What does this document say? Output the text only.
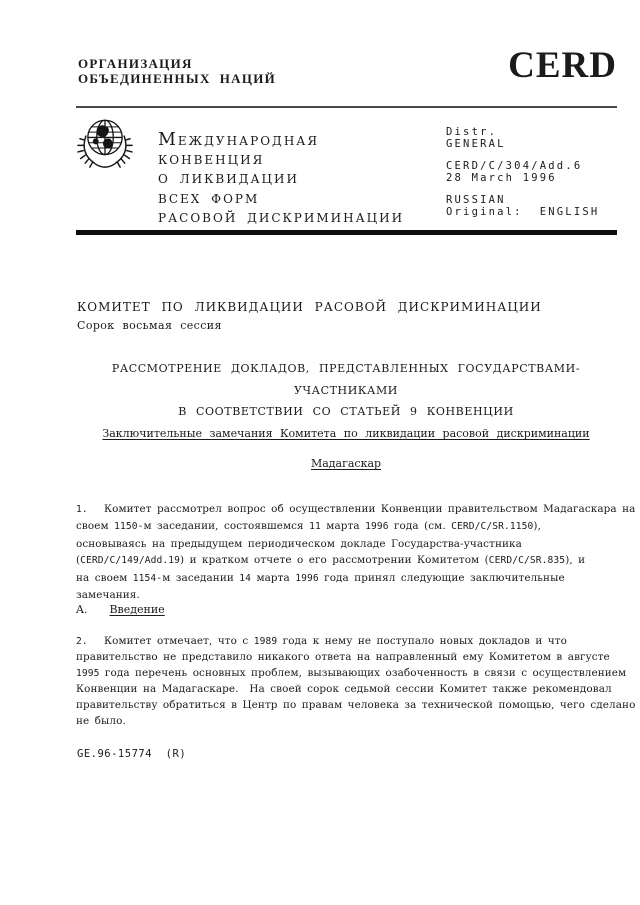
ОРГАНИЗАЦИЯ
ОБЪЕДИНЕННЫХ  НАЦИЙ	CERD
МЕЖДУНАРОДНАЯ
КОНВЕНЦИЯ
О ЛИКВИДАЦИИ
ВСЕХ ФОРМ
РАСОВОЙ ДИСКРИМИНАЦИИ
Distr.
GENERAL
CERD/C/304/Add.6
28 March 1996
RUSSIAN
Original:  ENGLISH
КОМИТЕТ ПО ЛИКВИДАЦИИ РАСОВОЙ ДИСКРИМИНАЦИИ
Сорок восьмая сессия
РАССМОТРЕНИЕ ДОКЛАДОВ, ПРЕДСТАВЛЕННЫХ ГОСУДАРСТВАМИ-УЧАСТНИКАМИ
В СООТВЕТСТВИИ СО СТАТЬЕЙ 9 КОНВЕНЦИИ
Заключительные замечания Комитета по ликвидации расовой дискриминации
Мадагаскар
1.   Комитет рассмотрел вопрос об осуществлении Конвенции правительством Мадагаскара на
своем 1150-м заседании, состоявшемся 11 марта 1996 года (см. CERD/C/SR.1150),
основываясь на предыдущем периодическом докладе Государства-участника
(CERD/C/149/Add.19) и кратком отчете о его рассмотрении Комитетом (CERD/C/SR.835), и
на своем 1154-м заседании 14 марта 1996 года принял следующие заключительные
замечания.
A. Введение
2.   Комитет отмечает, что с 1989 года к нему не поступало новых докладов и что
правительство не представило никакого ответа на направленный ему Комитетом в августе
1995 года перечень основных проблем, вызывающих озабоченность в связи с осуществлением
Конвенции на Мадагаскаре.  На своей сорок седьмой сессии Комитет также рекомендовал
правительству обратиться в Центр по правам человека за технической помощью, чего сделано
не было.
GE.96-15774  (R)
